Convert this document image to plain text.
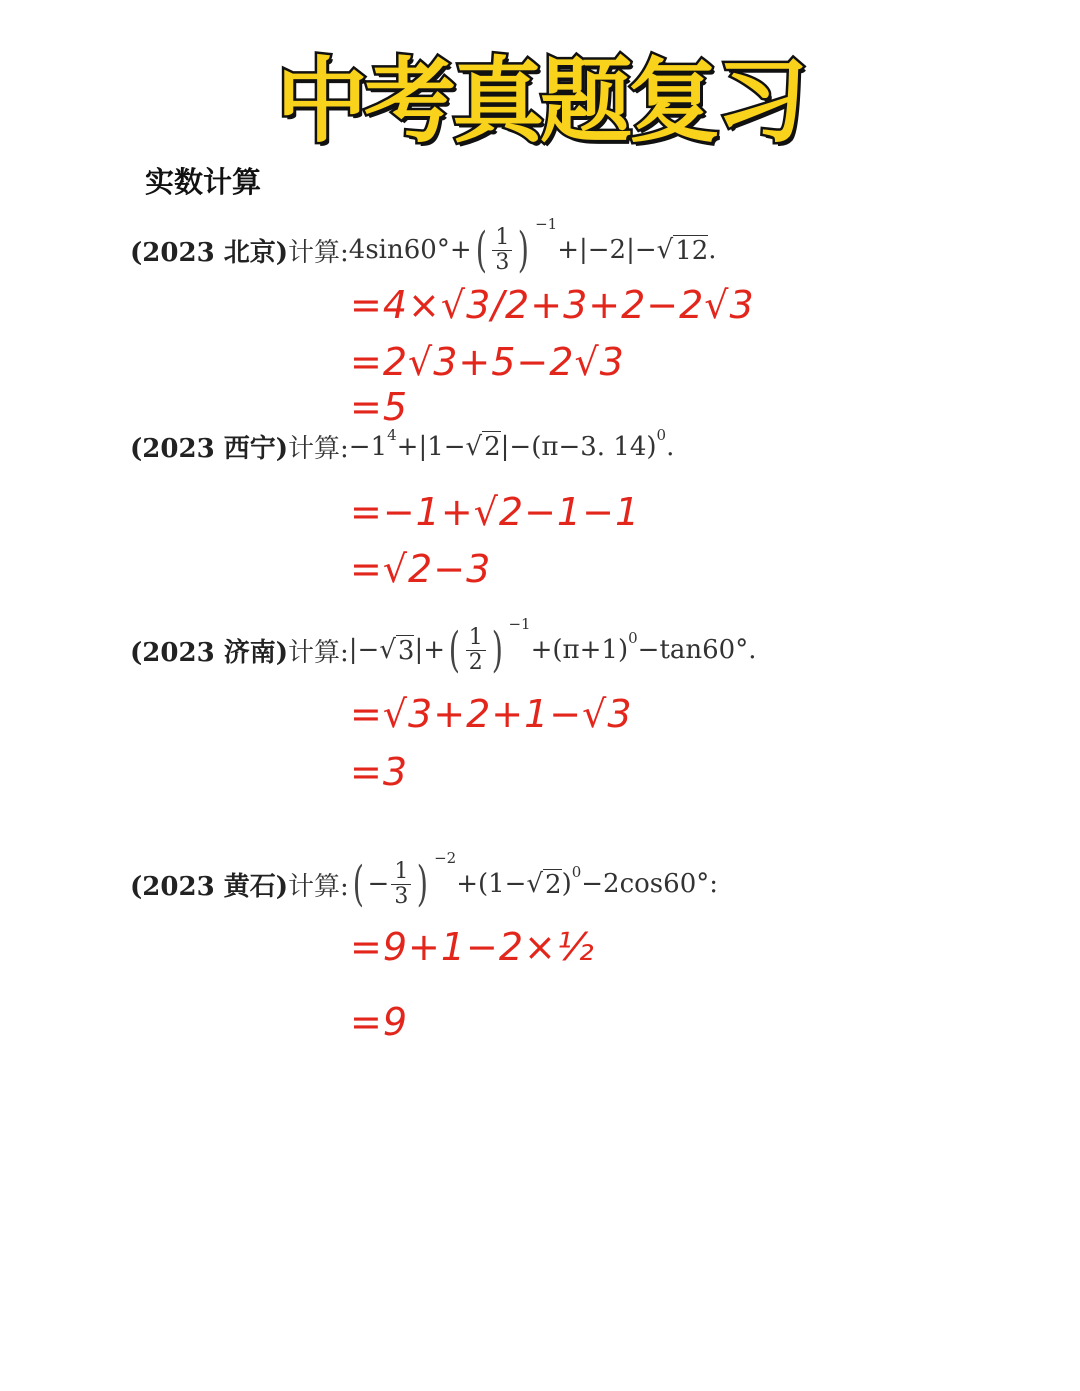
中考真题复习
实数计算
(2023 北京) 计算: 4sin60°+ ( $\frac{1}{3}$ ) −1
+|−2|−√ 12 .
=4×√3/2+3+2−2√3
=2√3+5−2√3
=5
(2023 西宁) 计算: −1 4 +|1−√ 2 |−(π−3. 14) 0 .
=−1+√2−1−1
=√2−3
(2023 济南) 计算: |−√ 3 |+ ( $\frac{1}{2}$ ) −1
+(π+1) 0 −tan60°.
=√3+2+1−√3
=3
(2023 黄石) 计算: ( − $\frac{1}{3}$ ) −2
+(1−√ 2 ) 0 −2cos60°:
=9+1−2×½
=9
